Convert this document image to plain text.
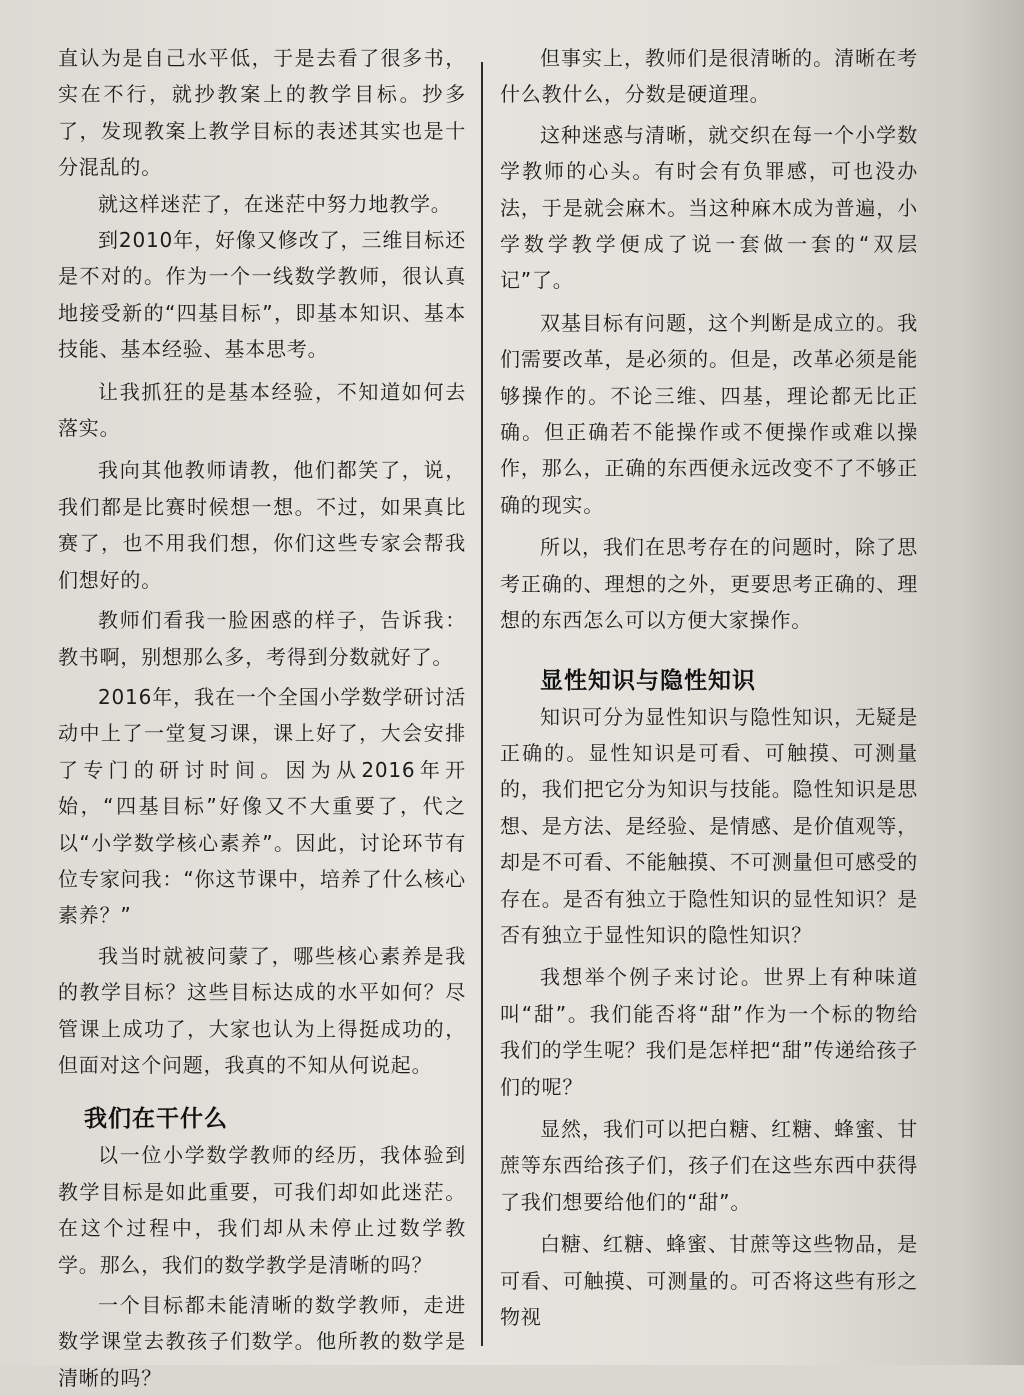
直认为是自己水平低，于是去看了很多书，实在不行，就抄教案上的教学目标。抄多了，发现教案上教学目标的表述其实也是十分混乱的。

就这样迷茫了，在迷茫中努力地教学。

到2010年，好像又修改了，三维目标还是不对的。作为一个一线数学教师，很认真地接受新的“四基目标”，即基本知识、基本技能、基本经验、基本思考。

让我抓狂的是基本经验，不知道如何去落实。

我向其他教师请教，他们都笑了，说，我们都是比赛时候想一想。不过，如果真比赛了，也不用我们想，你们这些专家会帮我们想好的。

教师们看我一脸困惑的样子，告诉我：教书啊，别想那么多，考得到分数就好了。

2016年，我在一个全国小学数学研讨活动中上了一堂复习课，课上好了，大会安排了专门的研讨时间。因为从2016年开始，“四基目标”好像又不大重要了，代之以“小学数学核心素养”。因此，讨论环节有位专家问我：“你这节课中，培养了什么核心素养？”

我当时就被问蒙了，哪些核心素养是我的教学目标？这些目标达成的水平如何？尽管课上成功了，大家也认为上得挺成功的，但面对这个问题，我真的不知从何说起。

我们在干什么

以一位小学数学教师的经历，我体验到教学目标是如此重要，可我们却如此迷茫。在这个过程中，我们却从未停止过数学教学。那么，我们的数学教学是清晰的吗？

一个目标都未能清晰的数学教师，走进数学课堂去教孩子们数学。他所教的数学是清晰的吗？

但事实上，教师们是很清晰的。清晰在考什么教什么，分数是硬道理。

这种迷惑与清晰，就交织在每一个小学数学教师的心头。有时会有负罪感，可也没办法，于是就会麻木。当这种麻木成为普遍，小学数学教学便成了说一套做一套的“双层记”了。

双基目标有问题，这个判断是成立的。我们需要改革，是必须的。但是，改革必须是能够操作的。不论三维、四基，理论都无比正确。但正确若不能操作或不便操作或难以操作，那么，正确的东西便永远改变不了不够正确的现实。

所以，我们在思考存在的问题时，除了思考正确的、理想的之外，更要思考正确的、理想的东西怎么可以方便大家操作。

显性知识与隐性知识

知识可分为显性知识与隐性知识，无疑是正确的。显性知识是可看、可触摸、可测量的，我们把它分为知识与技能。隐性知识是思想、是方法、是经验、是情感、是价值观等，却是不可看、不能触摸、不可测量但可感受的存在。是否有独立于隐性知识的显性知识？是否有独立于显性知识的隐性知识？

我想举个例子来讨论。世界上有种味道叫“甜”。我们能否将“甜”作为一个标的物给我们的学生呢？我们是怎样把“甜”传递给孩子们的呢？

显然，我们可以把白糖、红糖、蜂蜜、甘蔗等东西给孩子们，孩子们在这些东西中获得了我们想要给他们的“甜”。

白糖、红糖、蜂蜜、甘蔗等这些物品，是可看、可触摸、可测量的。可否将这些有形之物视
